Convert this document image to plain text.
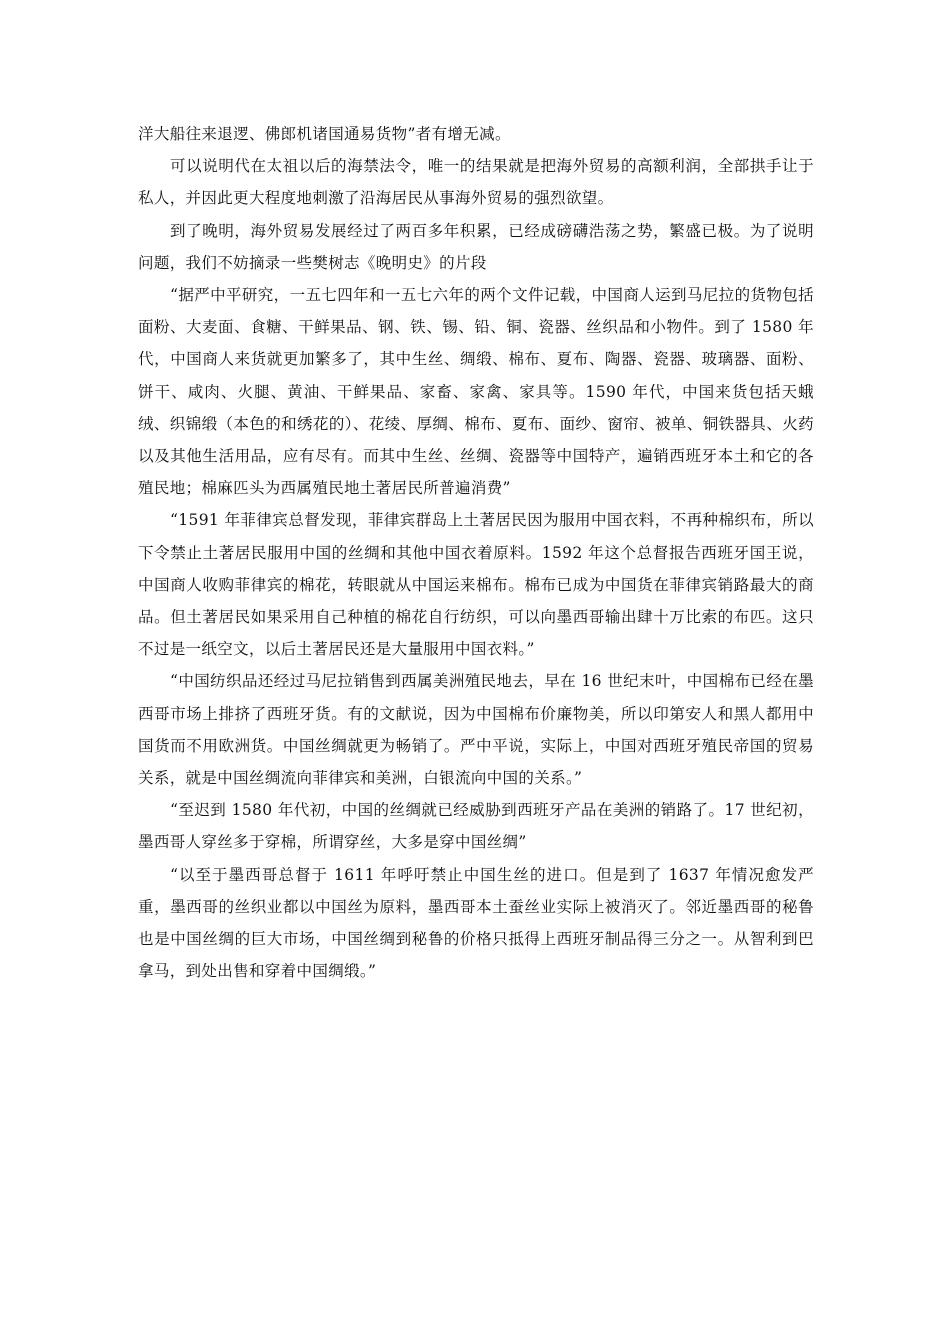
洋大船往来退逻、佛郎机诸国通易货物”者有增无减。

可以说明代在太祖以后的海禁法令，唯一的结果就是把海外贸易的高额利润，全部拱手让于私人，并因此更大程度地刺激了沿海居民从事海外贸易的强烈欲望。

到了晚明，海外贸易发展经过了两百多年积累，已经成磅礴浩荡之势，繁盛已极。为了说明问题，我们不妨摘录一些樊树志《晚明史》的片段

“据严中平研究，一五七四年和一五七六年的两个文件记载，中国商人运到马尼拉的货物包括面粉、大麦面、食糖、干鲜果品、钢、铁、锡、铅、铜、瓷器、丝织品和小物件。到了 1580 年代，中国商人来货就更加繁多了，其中生丝、绸缎、棉布、夏布、陶器、瓷器、玻璃器、面粉、饼干、咸肉、火腿、黄油、干鲜果品、家畜、家禽、家具等。1590 年代，中国来货包括天蛾绒、织锦缎（本色的和绣花的）、花绫、厚绸、棉布、夏布、面纱、窗帘、被单、铜铁器具、火药以及其他生活用品，应有尽有。而其中生丝、丝绸、瓷器等中国特产，遍销西班牙本土和它的各殖民地；棉麻匹头为西属殖民地土著居民所普遍消费”

“1591 年菲律宾总督发现，菲律宾群岛上土著居民因为服用中国衣料，不再种棉织布，所以下令禁止土著居民服用中国的丝绸和其他中国衣着原料。1592 年这个总督报告西班牙国王说，中国商人收购菲律宾的棉花，转眼就从中国运来棉布。棉布已成为中国货在菲律宾销路最大的商品。但土著居民如果采用自己种植的棉花自行纺织，可以向墨西哥输出肆十万比索的布匹。这只不过是一纸空文，以后土著居民还是大量服用中国衣料。”

“中国纺织品还经过马尼拉销售到西属美洲殖民地去，早在 16 世纪末叶，中国棉布已经在墨西哥市场上排挤了西班牙货。有的文献说，因为中国棉布价廉物美，所以印第安人和黑人都用中国货而不用欧洲货。中国丝绸就更为畅销了。严中平说，实际上，中国对西班牙殖民帝国的贸易关系，就是中国丝绸流向菲律宾和美洲，白银流向中国的关系。”

“至迟到 1580 年代初，中国的丝绸就已经威胁到西班牙产品在美洲的销路了。17 世纪初，墨西哥人穿丝多于穿棉，所谓穿丝，大多是穿中国丝绸”

“以至于墨西哥总督于 1611 年呼吁禁止中国生丝的进口。但是到了 1637 年情况愈发严重，墨西哥的丝织业都以中国丝为原料，墨西哥本土蚕丝业实际上被消灭了。邻近墨西哥的秘鲁也是中国丝绸的巨大市场，中国丝绸到秘鲁的价格只抵得上西班牙制品得三分之一。从智利到巴拿马，到处出售和穿着中国绸缎。”
